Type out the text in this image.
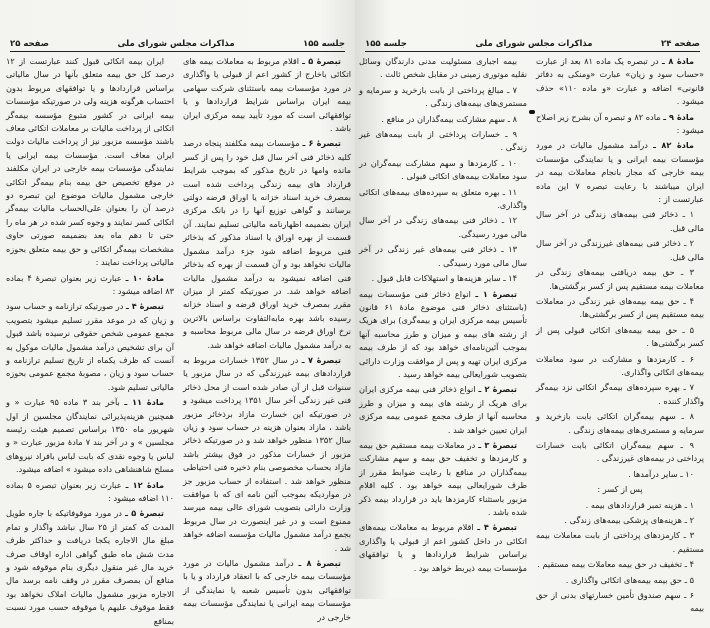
صفحه ۲۵	مذاکرات مجلس شورای ملی	جلسه ۱۵۵

تبصرهٔ ۵ ـ اقلام مربوط به معاملات بیمه های اتکائی باخارج از کشور اعم از قبولی یا واگذاری در مورد مؤسسات بیمه باستثنای شرکت سهامی بیمه ایران براساس شرایط قراردادها و یا توافقهائی است که مورد تأیید بیمه مرکزی ایران باشد .

تبصرهٔ ۶ ـ مؤسسات بیمه مکلفند پنجاه درصد کلیه ذخائر فنی آخر سال قبل خود را پس از کسر مانده وامها در تاریخ مذکور که بموجب شرایط قرارداد های بیمه زندگی پرداخت شده است بمصرف خرید اسناد خزانه یا اوراق قرضه دولتی برسانند و گواهی توزیع آنها را در بانک مرکزی ایران بضمیمه اظهارنامه مالیاتی تسلیم نمایند. آن قسمت از بهره اوراق یا اسناد مذکور که بذخائر فنی مربوط اضافه شود جزء درآمد مشمول مالیات نخواهد بود و آن قسمت از بهره که بذخائر فنی اضافه نمیشود به درآمد مشمول مالیات اضافه خواهد شد. در صورتیکه کمتر از میزان مقرر بمصرف خرید اوراق قرضه و اسناد خزانه رسیده باشد بهره مابه‌التفاوت براساس بالاترین نرخ اوراق قرضه در سال مالی مربوط محاسبه و به درآمد مشمول مالیات اضافه خواهد شد.

تبصرهٔ ۷ ـ در سال ۱۳۵۲ خسارات مربوط به قراردادهای بیمه غیرزندگی که در سال مزبور یا سنوات قبل از آن صادر شده است از محل ذخائر فنی غیر زندگی آخر سال ۱۳۵۱ پرداخت میشود و در صورتیکه این خسارت مازاد برذخائر مزبور باشد ، مازاد بعنوان هزینه در حساب سود و زیان سال ۱۳۵۲ منظور خواهد شد و در صورتیکه ذخائر مزبور از خسارات مذکور در فوق بیشتر باشد مازاد بحساب مخصوصی بنام ذخیره فنی احتیاطی منظور خواهد شد . استفاده از حساب مزبور جز در مواردیکه بموجب آئین نامه ای که با موافقت وزارت دارائی بتصویب شورای عالی بیمه میرسد ممنوع است و در غیر اینصورت در سال مربوط بجمع درآمد مشمول مالیات مؤسسه اضافه خواهد شد .

تبصرهٔ ۸ ـ درآمد مشمول مالیات در مورد مؤسسات بیمه خارجی که با انعقاد قرارداد و یا با توافقهائی بدون تأسیس شعبه یا نمایندگی از مؤسسات بیمه ایرانی یا نمایندگی مؤسسات بیمه خارجی در

ایران بیمه اتکائی قبول کنند عبارتست از ۱۲ درصد کل حق بیمه متعلق بآنها در سال مالیاتی براساس قراردادها و یا توافقهای مربوط بدون احتساب هرگونه هزینه ولی در صورتیکه مؤسسات بیمه ایرانی در کشور متبوع مؤسسه بیمه‌گر اتکائی از پرداخت مالیات بر معاملات اتکائی معاف باشند مؤسسه مزبور نیز از پرداخت مالیات دولت ایران معاف است. مؤسسات بیمه ایرانی یا نمایندگی مؤسسات بیمه خارجی در ایران مکلفند در موقع تخصیص حق بیمه بنام بیمه‌گر اتکائی خارجی مشمول مالیات موضوع این تبصره دو درصد آن را بعنوان علی‌الحساب مالیات بیمه‌گر اتکائی کسر نمایند و وجوه کسر شده در هر ماه را حتی تا دهم ماه بعد بضمیمه صورتی حاوی مشخصات بیمه‌گر اتکائی و حق بیمه متعلق بحوزه مالیاتی پرداخت نمایند :

مادهٔ ۱۰ ـ عبارت زیر بعنوان تبصرهٔ ۴ بماده ۸۳ اضافه میشود :

تبصرهٔ ۴ ـ در صورتیکه ترازنامه و حساب سود و زیان که در موعد مقرر تسلیم میشود بتصویب مجمع عمومی شخص حقوقی نرسیده باشد قبول آن برای تشخیص درآمد مشمول مالیات موکول به آنست که ظرف یکماه از تاریخ تسلیم ترازنامه و حساب سود و زیان ، مصوبهٔ مجمع عمومی بحوزه مالیاتی تسلیم شود.

مادهٔ ۱۱ ـ بآخر بند ۳ ماده ۹۵ عبارت « و همچنین هزینه‌پذیرائی نمایندگان مجلسین از اول شهریور ماه ۱۳۵۰ براساس تصمیم هیئت رئیسه مجلسین » و در آخر بند ۷ مادهٔ مزبور عبارت « و لباس یا وجوه نقدی که بابت لباس بافراد نیروهای مسلح شاهنشاهی داده میشود » اضافه میشود.

مادهٔ ۱۲ ـ عبارت زیر بعنوان تبصره ۵ بماده ۱۱۰ اضافه میشود :

تبصرهٔ ۵ ـ در مورد موقوفاتیکه با جاره طویل المدت که کمتر از ۲۵ سال نباشد واگذار و تمام مبلغ مال الاجاره یکجا دریافت و حداکثر ظرف مدت شش ماه طبق گواهی اداره اوقاف صرف خرید مال غیر منقول دیگری بنام موقوفه شود و منافع آن بمصرف مقرر در وقف نامه برسد مال الاجاره مزبور مشمول مالیات املاک نخواهد بود فقط موقوف علیهم یا موقوفه حسب مورد نسبت بمنافع

جلسه ۱۵۵	مذاکرات مجلس شورای ملی	صفحه ۲۴

مادهٔ ۸ ـ در تبصره یک ماده ۸۱ بعد از عبارت «حساب سود و زیان» عبارت «ومنکی به دفاتر قانونی» اضافه و عبارت «و ماده ۱۱۰» حذف میشود .

مادهٔ ۹ ـ ماده ۸۲ و تبصره آن بشرح زیر اصلاح میشود :

مادهٔ ۸۲ ـ درآمد مشمول مالیات در مورد مؤسسات بیمه ایرانی و یا نمایندگی مؤسسات بیمه خارجی که مجاز بانجام معاملات بیمه در ایران میباشند با رعایت تبصره ۷ این ماده عبارتست از :

۱ ـ ذخائر فنی بیمه‌های زندگی در آخر سال مالی قبل.

۲ ـ ذخائر فنی بیمه‌های غیرزندگی در آخر سال مالی قبل.

۳ ـ حق بیمه دریافتی بیمه‌های زندگی در معاملات بیمه مستقیم پس از کسر برگشتی‌ها.

۴ ـ حق بیمه بیمه‌های غیر زندگی در معاملات بیمه مستقیم پس از کسر برگشتی‌ها.

۵ ـ حق بیمه بیمه‌های اتکائی قبولی پس از کسر برگشتی‌ها .

۶ ـ کارمزدها و مشارکت در سود معاملات بیمه‌های اتکائی واگذاری.

۷ ـ بهره سپرده‌های بیمه‌گر اتکائی نزد بیمه‌گر واگذار کننده .

۸ ـ سهم بیمه‌گران اتکائی بابت بازخرید و سرمایه و مستمری‌های بیمه‌های زندگی .

۹ ـ سهم بیمه‌گران اتکائی بابت خسارات پرداختی در بیمه‌های غیرزندگی .

۱۰ ـ سایر درآمدها .

پس از کسر :

۱ ـ هزینه تمبر قراردادهای بیمه .

۲ ـ هزینه‌های پزشکی بیمه‌های زندگی .

۳ ـ کارمزدهای پرداختی از بابت معاملات بیمه مستقیم .

۴ ـ تخفیف در حق بیمه معاملات بیمه مستقیم .

۵ ـ حق بیمه بیمه‌های اتکائی واگذاری .

۶ ـ سهم صندوق تأمین خسارتهای بدنی از حق بیمه

بیمه اجباری مسئولیت مدنی دارندگان وسائل نقلیه موتوری زمینی در مقابل شخص ثالث .

۷ ـ مبالغ پرداختی از بابت بازخرید و سرمایه و مستمری‌های بیمه‌های زندگی .

۸ ـ سهم مشارکت بیمه‌گذاران در منافع .

۹ ـ خسارات پرداختی از بابت بیمه‌های غیر زندگی .

۱۰ ـ کارمزدها و سهم مشارکت بیمه‌گران در سود معاملات بیمه‌های اتکائی قبولی .

۱۱ ـ بهره متعلق به سپرده‌های بیمه‌های اتکائی واگذاری.

۱۲ ـ ذخائر فنی بیمه‌های زندگی در آخر سال مالی مورد رسیدگی.

۱۳ ـ ذخائر فنی بیمه‌های غیر زندگی در آخر سال مالی مورد رسیدگی .

۱۴ ـ سایر هزینه‌ها و استهلاکات قابل قبول .

تبصرهٔ ۱ ـ انواع ذخائر فنی مؤسسات بیمه (باستثنای ذخائر فنی موضوع مادهٔ ۶۱ قانون تأسیس بیمه مرکزی ایران و بیمه‌گری) برای هریک از رشته های بیمه و میزان و طرز محاسبه آنها بموجب آئین‌نامه‌ای خواهد بود که از طرف بیمه مرکزی ایران تهیه و پس از موافقت وزارت دارائی بتصویب شورایعالی بیمه خواهد رسید .

تبصرهٔ ۲ ـ انواع ذخائر فنی بیمه مرکزی ایران برای هریک از رشته های بیمه و میزان و طرز محاسبه آنها از طرف مجمع عمومی بیمه مرکزی ایران تعیین خواهد شد .

تبصرهٔ ۳ ـ در معاملات بیمه مستقیم حق بیمه و کارمزدها و تخفیف حق بیمه و سهم مشارکت بیمه‌گذاران در منافع با رعایت ضوابط مقرر از طرف شورایعالی بیمه خواهد بود . کلیه اقلام مزبور باستثناء کارمزدها باید در قرارداد بیمه ذکر شده باشد .

تبصرهٔ ۴ ـ اقلام مربوط به معاملات بیمه‌های اتکائی در داخل کشور اعم از قبولی یا واگذاری براساس شرایط قراردادها و یا توافقهای مؤسسات بیمه ذیربط خواهد بود .
